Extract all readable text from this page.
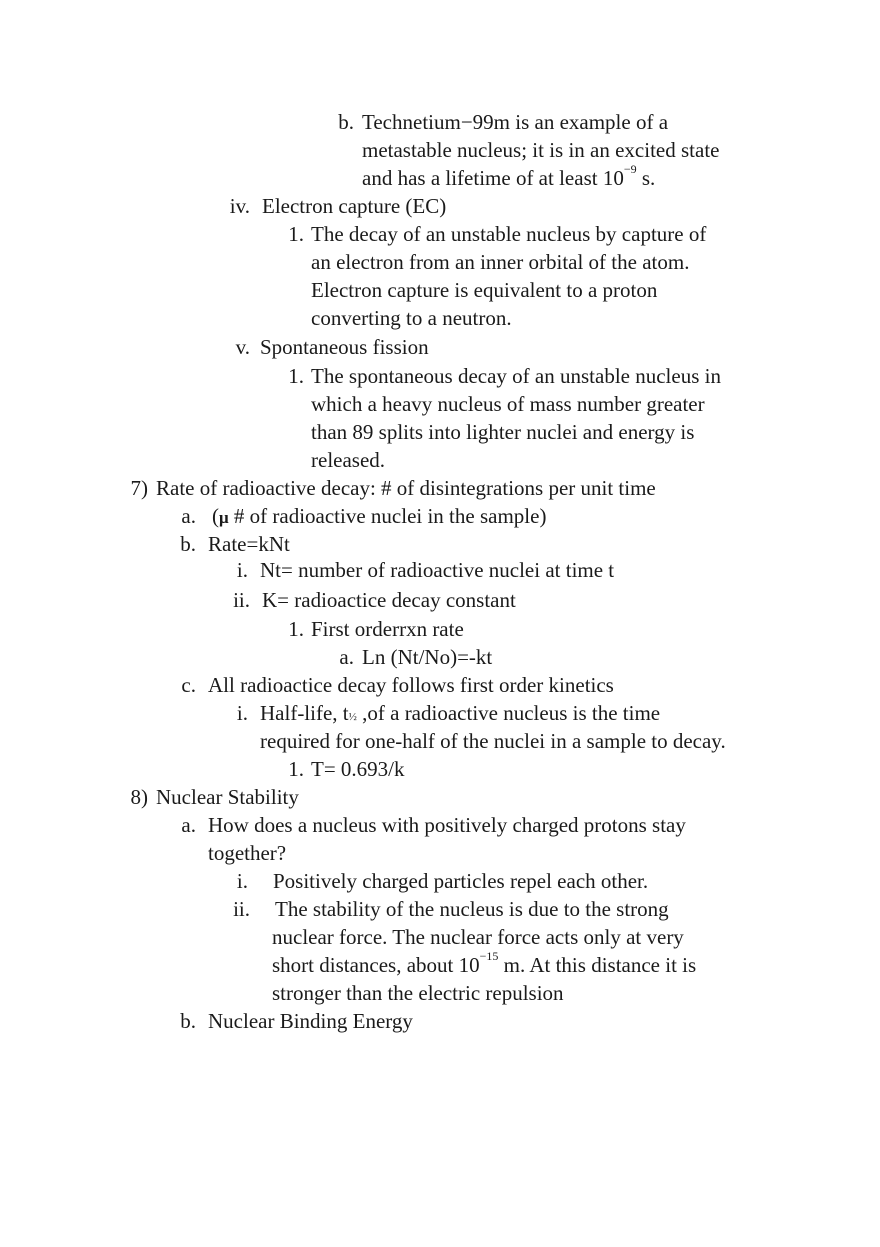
b. Technetium−99m is an example of a
metastable nucleus; it is in an excited state
and has a lifetime of at least $10^{-9}$ s.
iv. Electron capture (EC)
1. The decay of an unstable nucleus by capture of
an electron from an inner orbital of the atom.
Electron capture is equivalent to a proton
converting to a neutron.
v. Spontaneous fission
1. The spontaneous decay of an unstable nucleus in
which a heavy nucleus of mass number greater
than 89 splits into lighter nuclei and energy is
released.
7) Rate of radioactive decay: # of disintegrations per unit time
a. (μ # of radioactive nuclei in the sample)
b. Rate=kNt
i. Nt= number of radioactive nuclei at time t
ii. K= radioactice decay constant
1. First orderrxn rate
a. Ln (Nt/No)=-kt
c. All radioactice decay follows first order kinetics
i. Half-life, t½ ,of a radioactive nucleus is the time
required for one-half of the nuclei in a sample to decay.
1. T= 0.693/k
8) Nuclear Stability
a. How does a nucleus with positively charged protons stay
together?
i. Positively charged particles repel each other.
ii. The stability of the nucleus is due to the strong
nuclear force. The nuclear force acts only at very
short distances, about $10^{-15}$ m. At this distance it is
stronger than the electric repulsion
b. Nuclear Binding Energy
